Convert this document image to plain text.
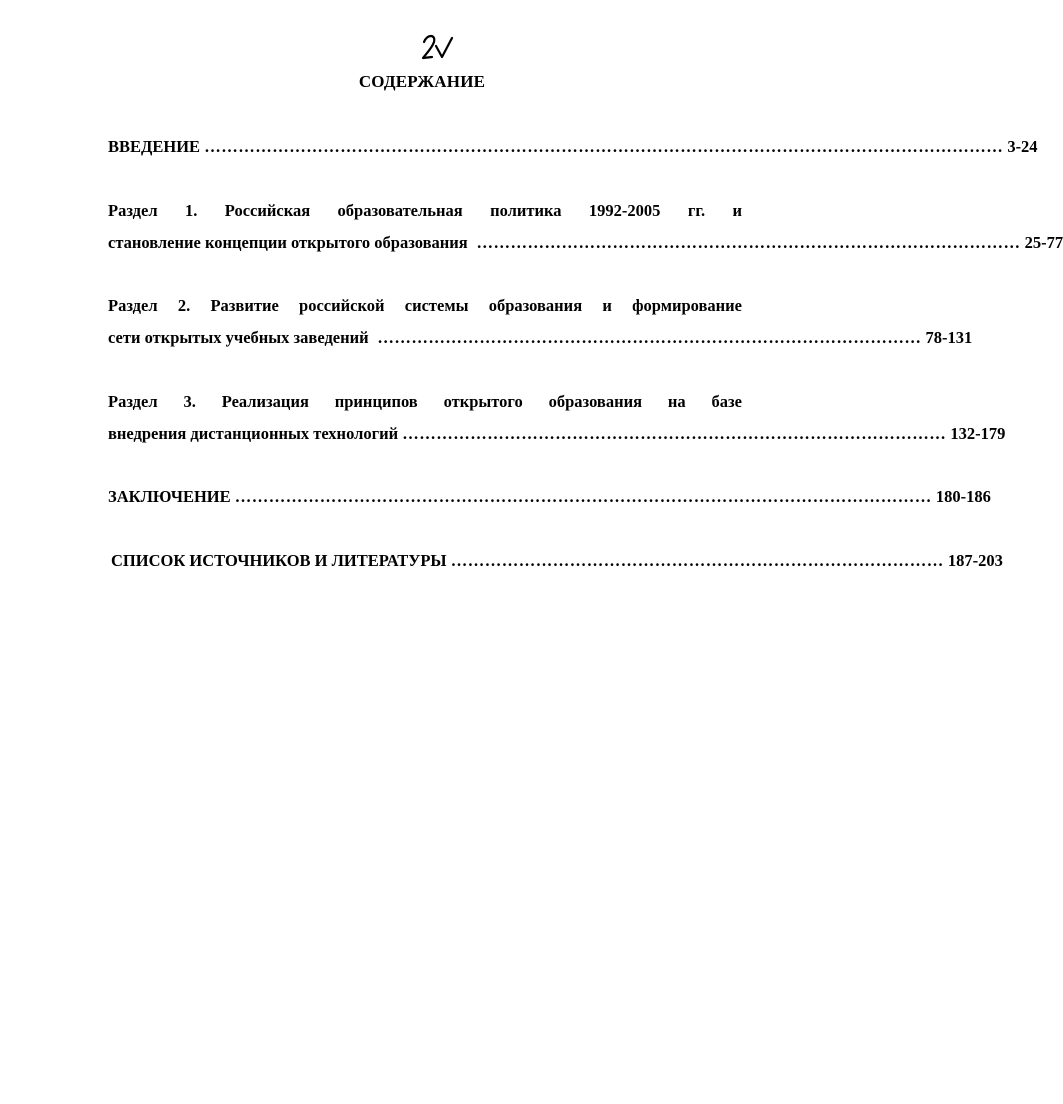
СОДЕРЖАНИЕ
ВВЕДЕНИЕ …………………………………………………………………………………………………………………………… 3-24
Раздел 1. Российская образовательная политика 1992-2005 гг. и
становление концепции открытого образования  …………………………………………………………………………………… 25-77
Раздел 2. Развитие российской системы образования и формирование
сети открытых учебных заведений  …………………………………………………………………………………… 78-131
Раздел 3. Реализация принципов открытого образования на базе
внедрения дистанционных технологий …………………………………………………………………………………… 132-179
ЗАКЛЮЧЕНИЕ …………………………………………………………………………………………………………… 180-186
СПИСОК ИСТОЧНИКОВ И ЛИТЕРАТУРЫ …………………………………………………………………………… 187-203
